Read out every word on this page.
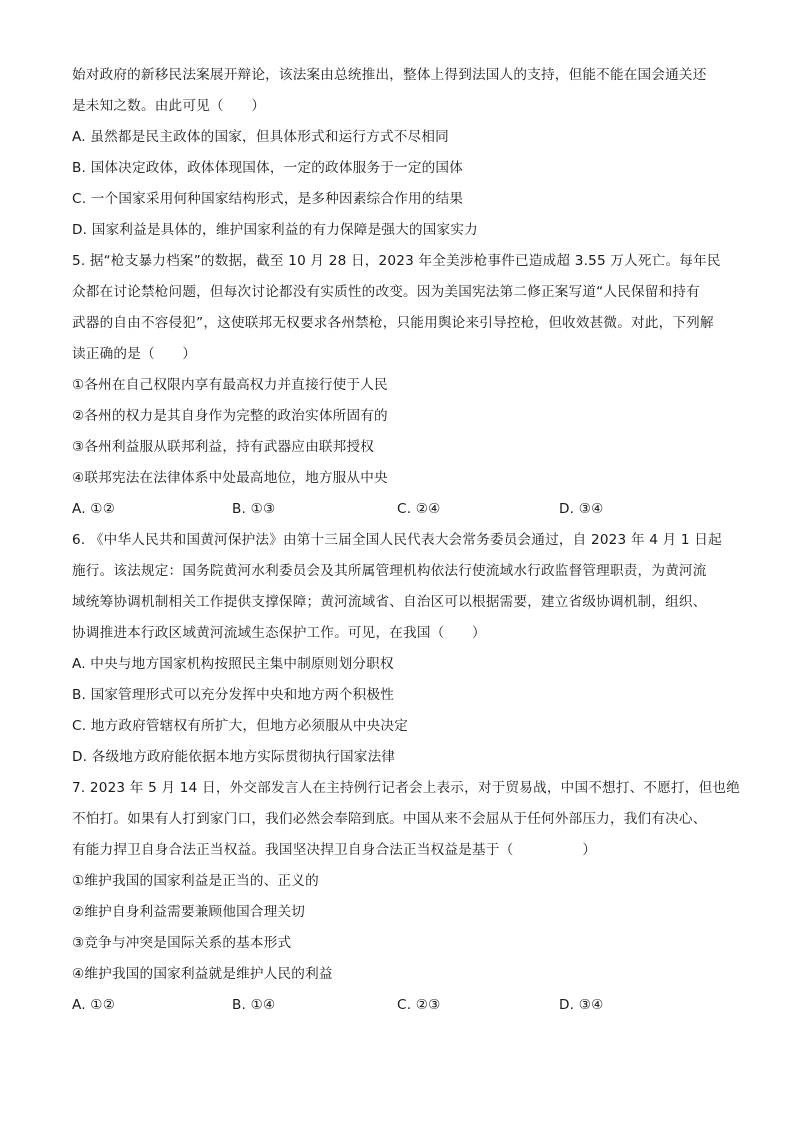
始对政府的新移民法案展开辩论，该法案由总统推出，整体上得到法国人的支持，但能不能在国会通关还
是未知之数。由此可见（　　）
A. 虽然都是民主政体的国家，但具体形式和运行方式不尽相同
B. 国体决定政体，政体体现国体，一定的政体服务于一定的国体
C. 一个国家采用何种国家结构形式，是多种因素综合作用的结果
D. 国家利益是具体的，维护国家利益的有力保障是强大的国家实力
5. 据“枪支暴力档案”的数据，截至 10 月 28 日，2023 年全美涉枪事件已造成超 3.55 万人死亡。每年民
众都在讨论禁枪问题，但每次讨论都没有实质性的改变。因为美国宪法第二修正案写道“人民保留和持有
武器的自由不容侵犯”，这使联邦无权要求各州禁枪，只能用舆论来引导控枪，但收效甚微。对此，下列解
读正确的是（　　）
①各州在自己权限内享有最高权力并直接行使于人民
②各州的权力是其自身作为完整的政治实体所固有的
③各州利益服从联邦利益，持有武器应由联邦授权
④联邦宪法在法律体系中处最高地位，地方服从中央
A. ①②	B. ①③	C. ②④	D. ③④
6. 《中华人民共和国黄河保护法》由第十三届全国人民代表大会常务委员会通过，自 2023 年 4 月 1 日起
施行。该法规定：国务院黄河水利委员会及其所属管理机构依法行使流域水行政监督管理职责，为黄河流
域统筹协调机制相关工作提供支撑保障；黄河流域省、自治区可以根据需要，建立省级协调机制，组织、
协调推进本行政区域黄河流域生态保护工作。可见，在我国（　　）
A. 中央与地方国家机构按照民主集中制原则划分职权
B. 国家管理形式可以充分发挥中央和地方两个积极性
C. 地方政府管辖权有所扩大，但地方必须服从中央决定
D. 各级地方政府能依据本地方实际贯彻执行国家法律
7. 2023 年 5 月 14 日，外交部发言人在主持例行记者会上表示，对于贸易战，中国不想打、不愿打，但也绝
不怕打。如果有人打到家门口，我们必然会奉陪到底。中国从来不会屈从于任何外部压力，我们有决心、
有能力捍卫自身合法正当权益。我国坚决捍卫自身合法正当权益是基于（　　　　　）
①维护我国的国家利益是正当的、正义的
②维护自身利益需要兼顾他国合理关切
③竞争与冲突是国际关系的基本形式
④维护我国的国家利益就是维护人民的利益
A. ①②	B. ①④	C. ②③	D. ③④
